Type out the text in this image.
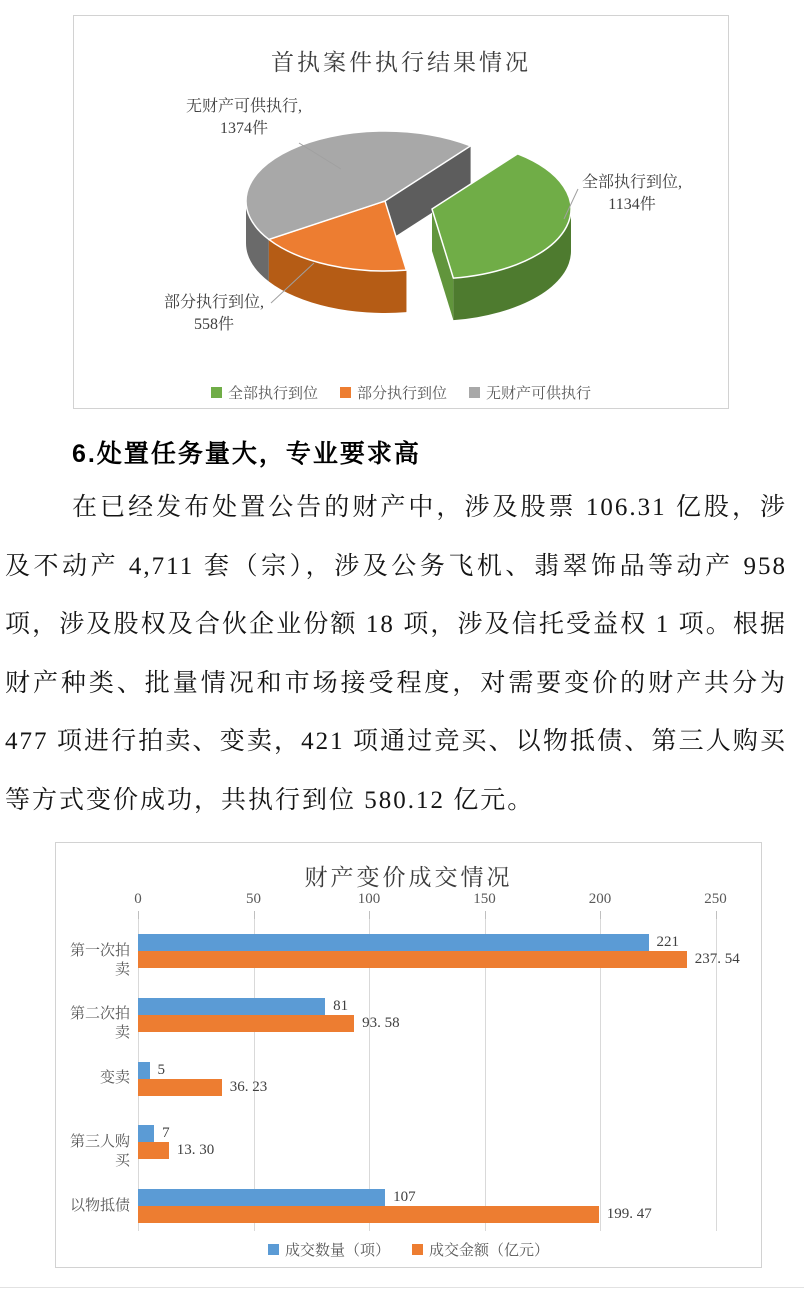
首执案件执行结果情况
无财产可供执行,
1374件
全部执行到位,
1134件
部分执行到位,
558件
全部执行到位	部分执行到位	无财产可供执行
6.处置任务量大，专业要求高
在已经发布处置公告的财产中，涉及股票 106.31 亿股，涉及不动产 4,711 套（宗），涉及公务飞机、翡翠饰品等动产 958 项，涉及股权及合伙企业份额 18 项，涉及信托受益权 1 项。根据财产种类、批量情况和市场接受程度，对需要变价的财产共分为 477 项进行拍卖、变卖，421 项通过竞买、以物抵债、第三人购买等方式变价成功，共执行到位 580.12 亿元。
财产变价成交情况
成交数量（项）	成交金额（亿元）
0	50	100	150	200	250
第一次拍卖
221
237. 54
第二次拍卖
81
93. 58
变卖
5
36. 23
第三人购买
7
13. 30
以物抵债
107
199. 47
